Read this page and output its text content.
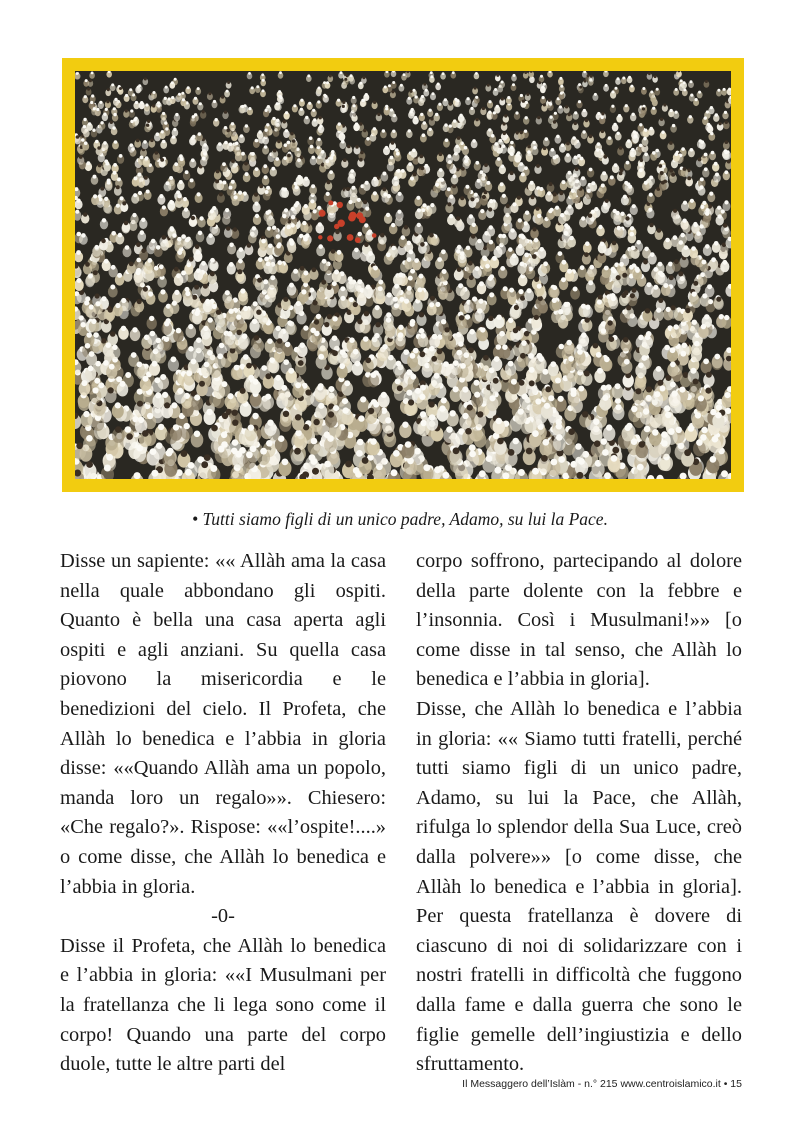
• Tutti siamo figli di un unico padre, Adamo, su lui la Pace.

Disse un sapiente: «« Allàh ama la casa nella quale abbondano gli ospiti. Quanto è bella una casa aperta agli ospiti e agli anziani. Su quella casa piovono la misericordia e le benedizioni del cielo. Il Profeta, che Allàh lo benedica e l’abbia in gloria disse: ««Quando Allàh ama un popolo, manda loro un regalo»». Chiesero: «Che regalo?». Rispose: ««l’ospite!....» o come disse, che Allàh lo benedica e l’abbia in gloria.

-0-

Disse il Profeta, che Allàh lo benedica e l’abbia in gloria: ««I Musulmani per la fratellanza che li lega sono come il corpo! Quando una parte del corpo duole, tutte le altre parti del

corpo soffrono, partecipando al dolore della parte dolente con la febbre e l’insonnia. Così i Musulmani!»» [o come disse in tal senso, che Allàh lo benedica e l’abbia in gloria].

Disse, che Allàh lo benedica e l’abbia in gloria: «« Siamo tutti fratelli, perché tutti siamo figli di un unico padre, Adamo, su lui la Pace, che Allàh, rifulga lo splendor della Sua Luce, creò dalla polvere»» [o come disse, che Allàh lo benedica e l’abbia in gloria]. Per questa fratellanza è dovere di ciascuno di noi di solidarizzare con i nostri fratelli in difficoltà che fuggono dalla fame e dalla guerra che sono le figlie gemelle dell’ingiustizia e dello sfruttamento.

Il Messaggero dell’Islàm - n.° 215 www.centroislamico.it • 15
